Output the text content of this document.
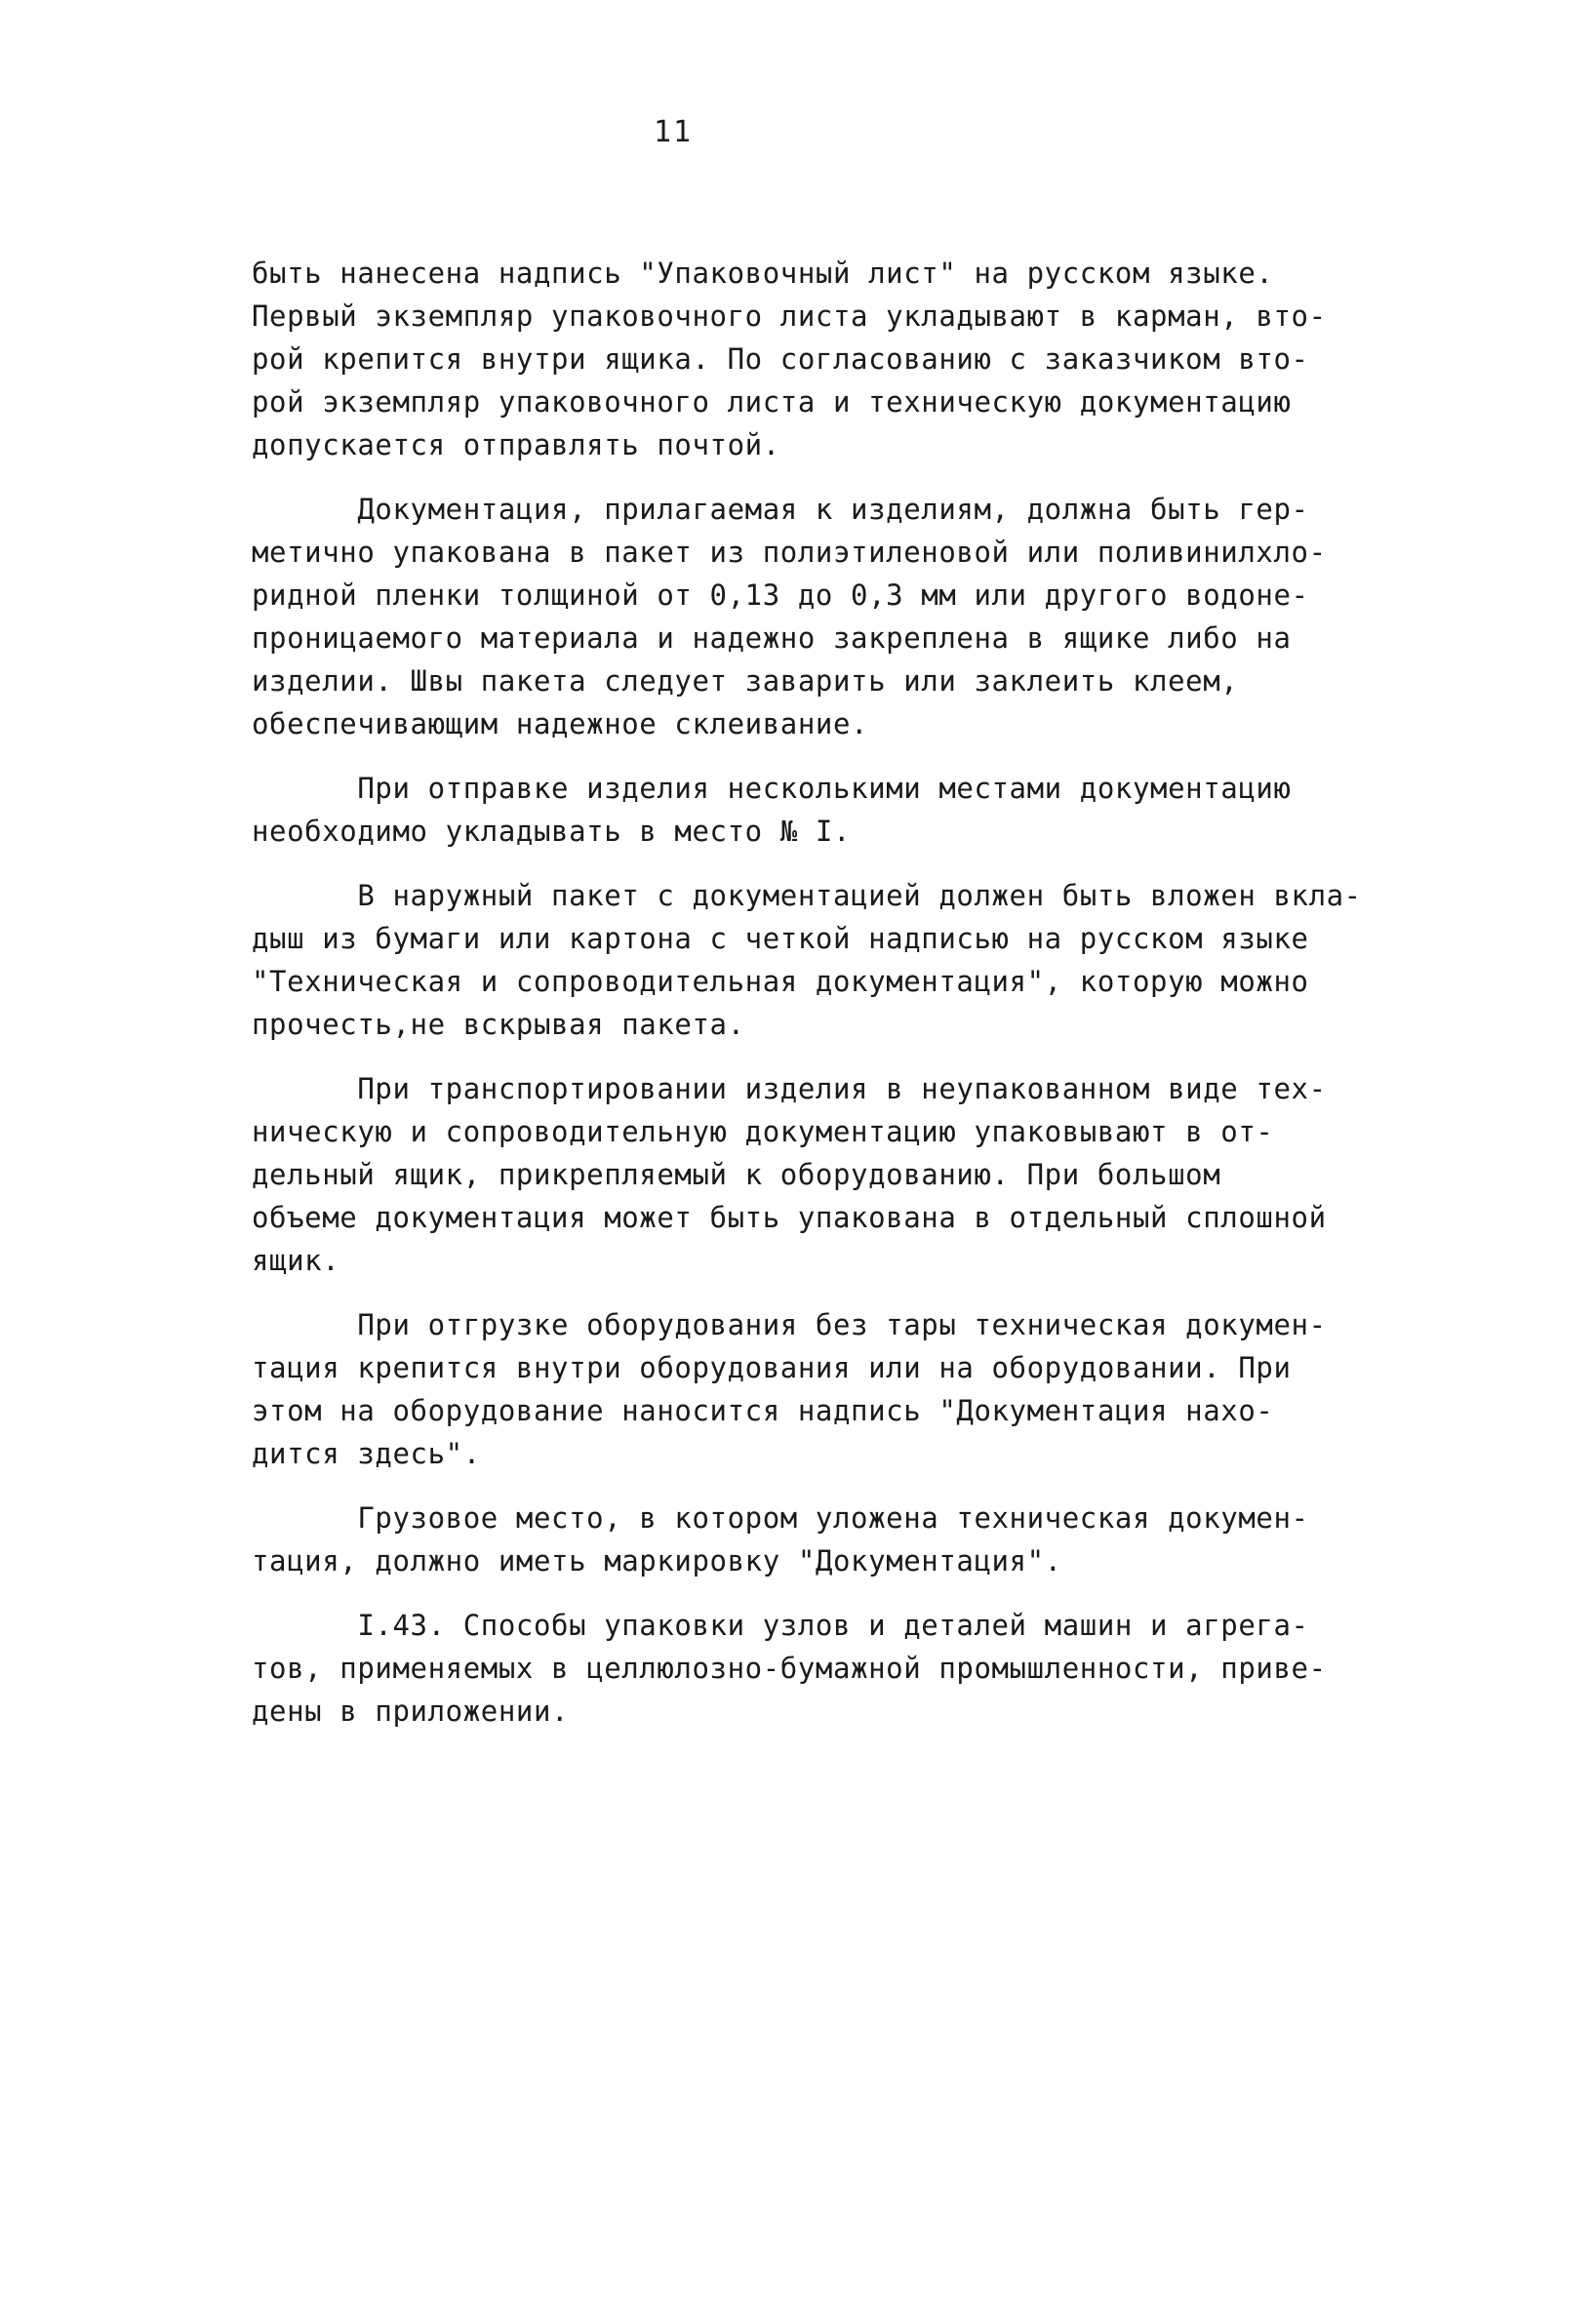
11
быть нанесена надпись "Упаковочный лист" на русском языке.
Первый экземпляр упаковочного листа укладывают в карман, вто-
рой крепится внутри ящика. По согласованию с заказчиком вто-
рой экземпляр упаковочного листа и техническую документацию
допускается отправлять почтой.
Документация, прилагаемая к изделиям, должна быть гер-
метично упакована в пакет из полиэтиленовой или поливинилхло-
ридной пленки толщиной от 0,13 до 0,3 мм или другого водоне-
проницаемого материала и надежно закреплена в ящике либо на
изделии. Швы пакета следует заварить или заклеить клеем,
обеспечивающим надежное склеивание.
При отправке изделия несколькими местами документацию
необходимо укладывать в место № I.
В наружный пакет с документацией должен быть вложен вкла-
дыш из бумаги или картона с четкой надписью на русском языке
"Техническая и сопроводительная документация", которую можно
прочесть,не вскрывая пакета.
При транспортировании изделия в неупакованном виде тех-
ническую и сопроводительную документацию упаковывают в от-
дельный ящик, прикрепляемый к оборудованию. При большом
объеме документация может быть упакована в отдельный сплошной
ящик.
При отгрузке оборудования без тары техническая докумен-
тация крепится внутри оборудования или на оборудовании. При
этом на оборудование наносится надпись "Документация нахо-
дится здесь".
Грузовое место, в котором уложена техническая докумен-
тация, должно иметь маркировку "Документация".
I.43. Способы упаковки узлов и деталей машин и агрега-
тов, применяемых в целлюлозно-бумажной промышленности, приве-
дены в приложении.
